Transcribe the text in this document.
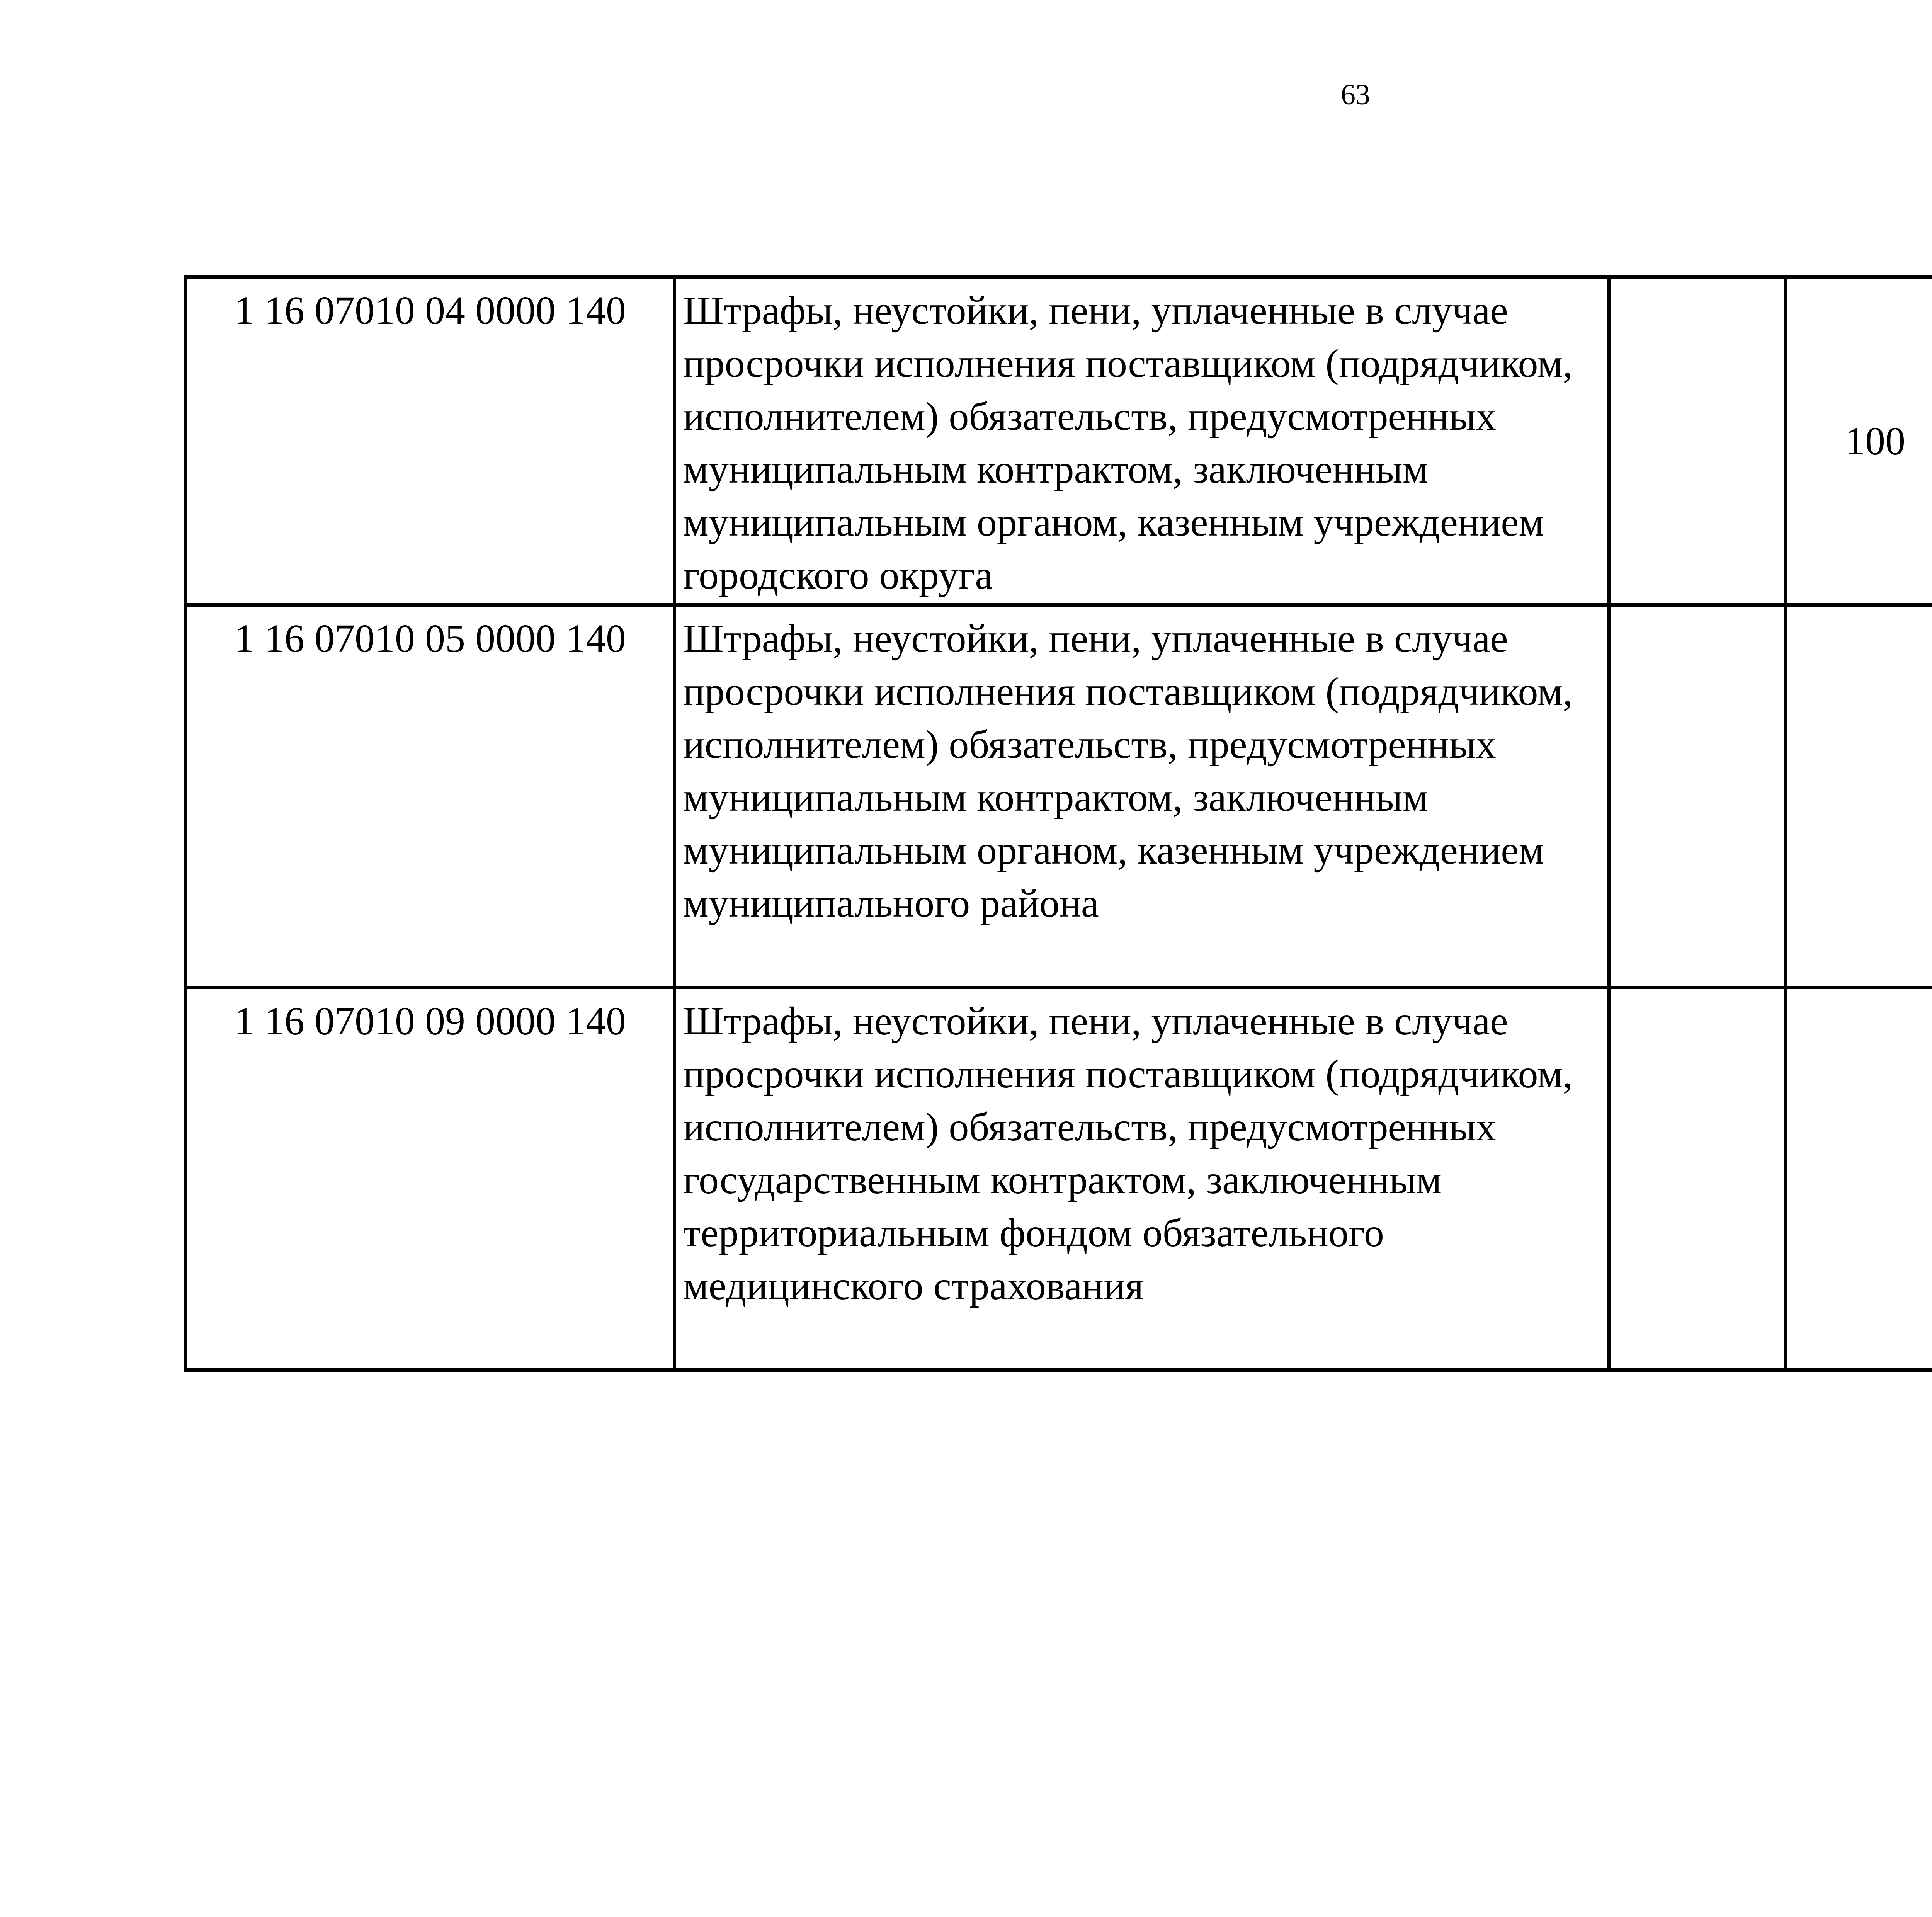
63
1 16 07010 04 0000 140	Штрафы, неустойки, пени, уплаченные в случае просрочки исполнения поставщиком (подрядчиком, исполнителем) обязательств, предусмотренных муниципальным контрактом, заключенным муниципальным органом, казенным учреждением городского округа		100			
1 16 07010 05 0000 140	Штрафы, неустойки, пени, уплаченные в случае просрочки исполнения поставщиком (подрядчиком, исполнителем) обязательств, предусмотренных муниципальным контрактом, заключенным муниципальным органом, казенным учреждением муниципального района					
1 16 07010 09 0000 140	Штрафы, неустойки, пени, уплаченные в случае просрочки исполнения поставщиком (подрядчиком, исполнителем) обязательств, предусмотренных государственным контрактом, заключенным территориальным фондом обязательного медицинского страхования					
